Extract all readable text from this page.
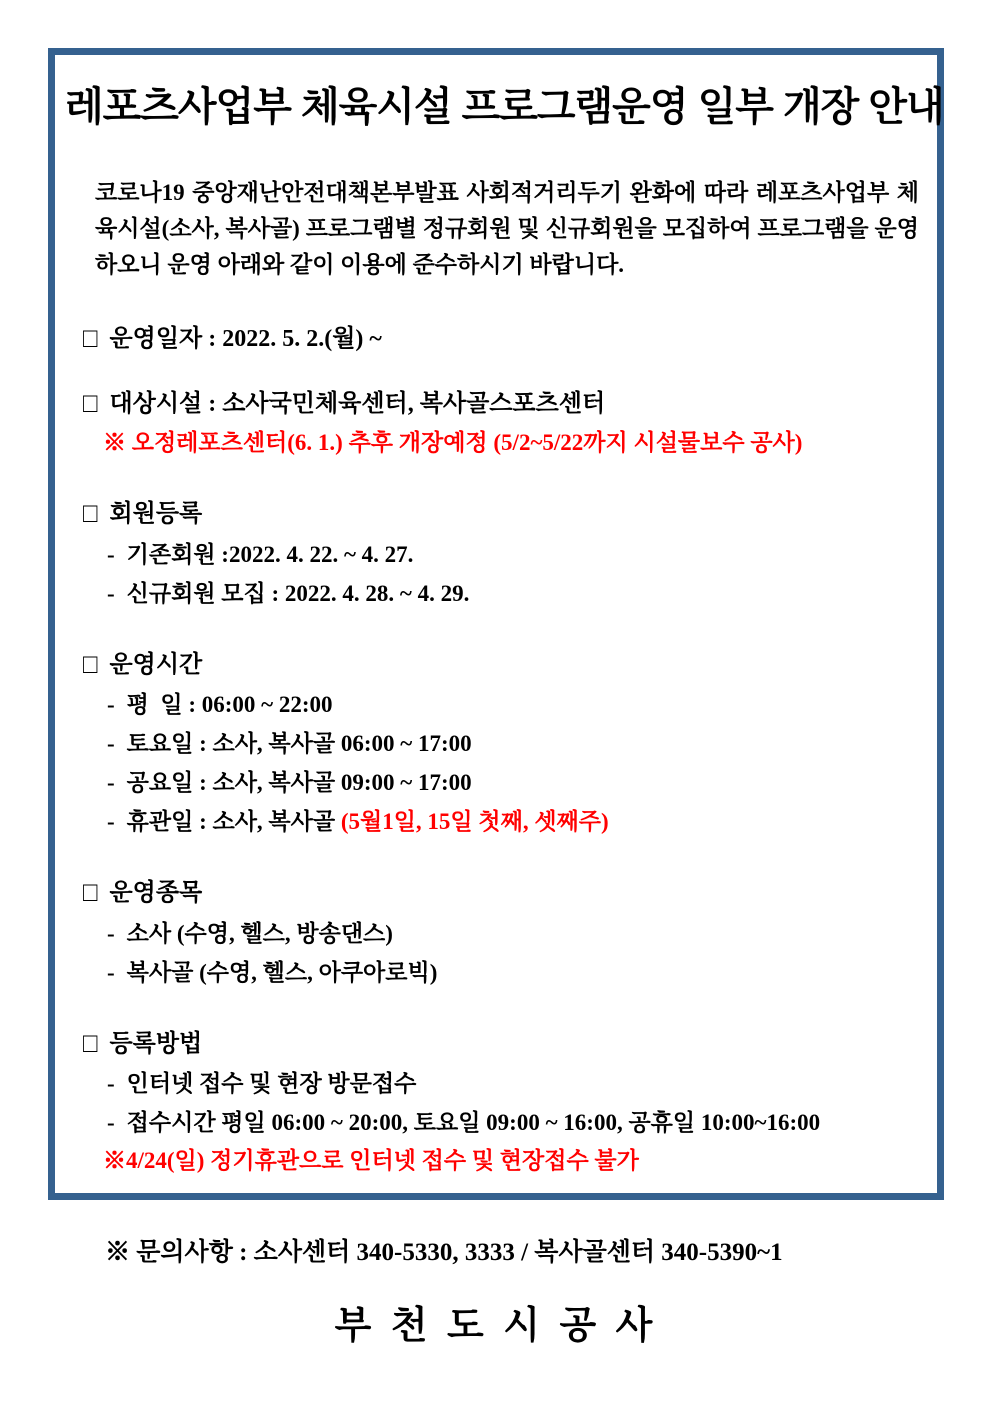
레포츠사업부 체육시설 프로그램운영 일부 개장 안내
코로나19 중앙재난안전대책본부발표 사회적거리두기 완화에 따라 레포츠사업부 체육시설(소사, 복사골) 프로그램별 정규회원 및 신규회원을 모집하여 프로그램을 운영하오니 운영 아래와 같이 이용에 준수하시기 바랍니다.
□ 운영일자 : 2022. 5. 2.(월) ~
□ 대상시설 : 소사국민체육센터, 복사골스포츠센터
※ 오정레포츠센터(6. 1.) 추후 개장예정 (5/2~5/22까지 시설물보수 공사)
□ 회원등록
- 기존회원 :2022. 4. 22. ~ 4. 27.
- 신규회원 모집 : 2022. 4. 28. ~ 4. 29.
□ 운영시간
- 평  일 : 06:00 ~ 22:00
- 토요일 : 소사, 복사골 06:00 ~ 17:00
- 공요일 : 소사, 복사골 09:00 ~ 17:00
- 휴관일 : 소사, 복사골 (5월1일, 15일 첫째, 셋째주)
□ 운영종목
- 소사 (수영, 헬스, 방송댄스)
- 복사골 (수영, 헬스, 아쿠아로빅)
□ 등록방법
- 인터넷 접수 및 현장 방문접수
- 접수시간 평일 06:00 ~ 20:00, 토요일 09:00 ~ 16:00, 공휴일 10:00~16:00
※4/24(일) 정기휴관으로 인터넷 접수 및 현장접수 불가
※ 문의사항 : 소사센터 340-5330, 3333 / 복사골센터 340-5390~1
부 천 도 시 공 사
